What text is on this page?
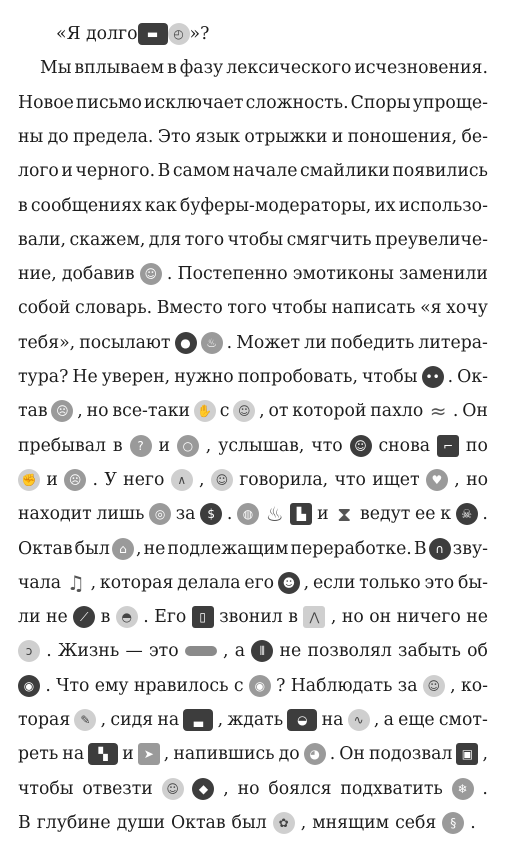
«Я долго ▬	◴ »?
Мы вплываем в фазу лексического исчезновения.
Новое письмо исключает сложность. Споры упроще-
ны до предела. Это язык отрыжки и поношения, бе-
лого и черного. В самом начале смайлики появились
в сообщениях как буферы-модераторы, их использо-
вали, скажем, для того чтобы смягчить преувеличе-
ние, добавив ☺ . Постепенно эмотиконы заменили
собой словарь. Вместо того чтобы написать «я хочу
тебя», посылают ●	♨ . Может ли победить литера-
тура? Не уверен, нужно попробовать, чтобы •• . Ок-
тав ☹ , но все-таки ✋ с ☺ , от которой пахло ≈ . Он
пребывал в	? и	○ , услышав, что ☺ снова	⌐ по
✊ и ☹ . У него	∧ , ☺ говорила, что ищет ♥ , но
находит лишь ◎ за $ . ◍ ♨	▙ и ⧗ ведут ее к ☠ .
Октав был ⌂ , не подлежащим переработке. В ∩ зву-
чала ♫ , которая делала его ☻ , если только это бы-
ли не	⟋ в ◓ . Его	▯ звонил в ⋀ , но он ничего не
ↄ . Жизнь — это	, а	⦀ не позволял забыть об
◉ . Что ему нравилось с ◉ ? Наблюдать за ☺ , ко-
торая ✎ , сидя на	▃ , ждать	◒ на ∿ , а еще смот-
реть на	▚ и ➤ , напившись до ◕ . Он подозвал ▣ ,
чтобы отвезти	☺	◆ , но боялся подхватить	❄ .
В глубине души Октав был ✿ , мнящим себя	§ .
